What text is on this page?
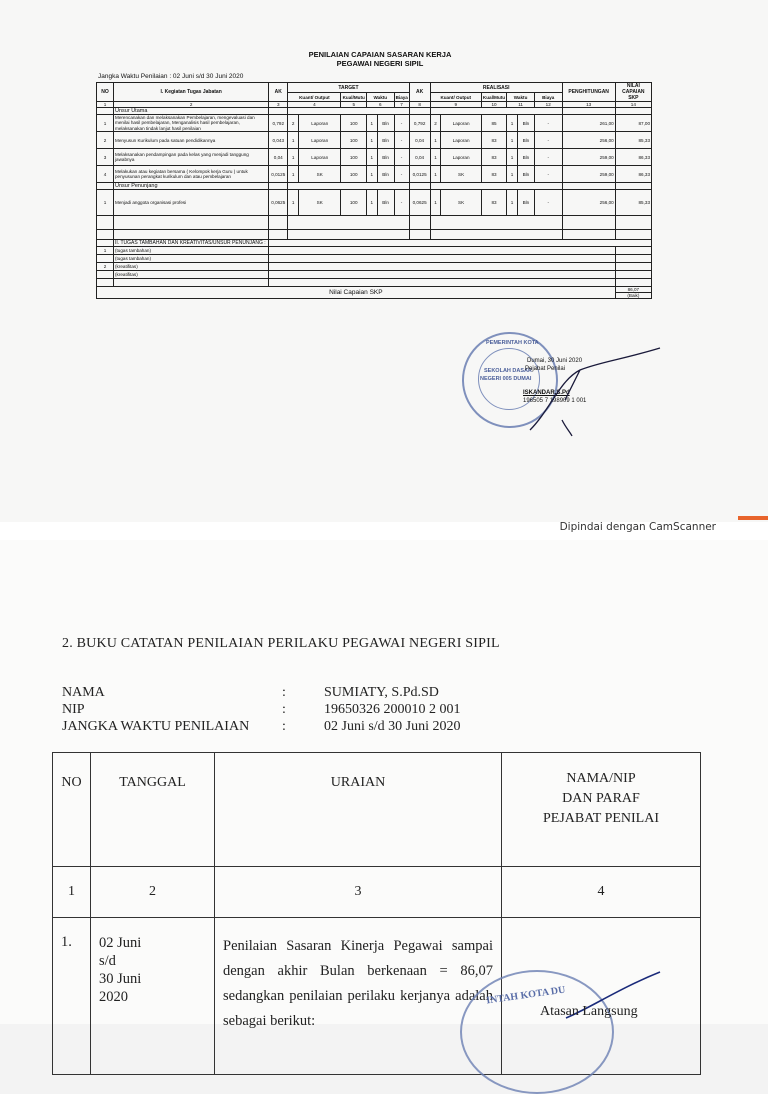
PENILAIAN CAPAIAN SASARAN KERJA
PEGAWAI NEGERI SIPIL
Jangka Waktu Penilaian : 02 Juni s/d 30 Juni 2020
NO	I. Kegiatan Tugas Jabatan	AK	TARGET						AK	REALISASI						PENGHITUNGAN	NILAI CAPAIAN SKP
			Kuant/ Output		Kual/Mutu	Waktu		Biaya		Kuant/ Output		Kual/Mutu	Waktu		Biaya		
1	2	3	4		5	6		7	8	9		10	11		12	13	14
	Unsur Utama																
1	Merencanakan dan melaksanakan Pembelajaran, mengevaluasi dan menilai hasil pembelajaran, Menganalisis hasil pembelajaran, melaksanakan tindak lanjut hasil penilaian	0,792	2	Laporan	100	1	Bln	-	0,792	2	Laporan	85	1	Bln	-	261,00	87,00
2	Menyusun Kurikulum pada satuan pendidikannya	0,043	1	Laporan	100	1	Bln	-	0,04	1	Laporan	83	1	Bln	-	256,00	85,33
3	Melaksanakan pendampingan pada kelas yang menjadi tanggung jawabnya	0,04	1	Laporan	100	1	Bln	-	0,04	1	Laporan	83	1	Bln	-	259,00	86,33
4	Melakukan atau kegiatan bersama ( Kelompok kerja Guru ) untuk penyusunan perangkat kurikulum dan atau pembelajaran	0,0125	1	SK	100	1	Bln	-	0,0125	1	SK	83	1	Bln	-	259,00	86,33
	Unsur Penunjang																
1	Menjadi anggota organisasi profesi	0,0625	1	SK	100	1	Bln	-	0,0625	1	SK	83	1	Bln	-	256,00	85,33

	II. TUGAS TAMBAHAN DAN KREATIVITAS/UNSUR PENUNJANG :																
1	(tugas tambahan)																
	(tugas tambahan)																
2	(kreatifitas)																
	(kreatifitas)																

Nilai Capaian SKP																	86,07
																	(Baik)
PEMERINTAH KOTA
SEKOLAH DASAR
NEGERI 005 DUMAI
Dumai, 30 Juni 2020
Pejabat Penilai
ISKANDAR,S.Pd
196505 7 198909 1 001
Dipindai dengan CamScanner
2. BUKU CATATAN PENILAIAN PERILAKU PEGAWAI NEGERI SIPIL
NAMA	:	SUMIATY, S.Pd.SD
NIP	:	19650326 200010 2 001
JANGKA WAKTU PENILAIAN	:	02 Juni s/d 30 Juni 2020
NO	TANGGAL	URAIAN	NAMA/NIP
DAN PARAF
PEJABAT PENILAI
1	2	3	4
1.	02 Juni
s/d
30 Juni
2020	Penilaian Sasaran Kinerja Pegawai sampai dengan akhir Bulan berkenaan = 86,07 sedangkan penilaian perilaku kerjanya adalah sebagai berikut:	
INTAH KOTA DU
Atasan Langsung
